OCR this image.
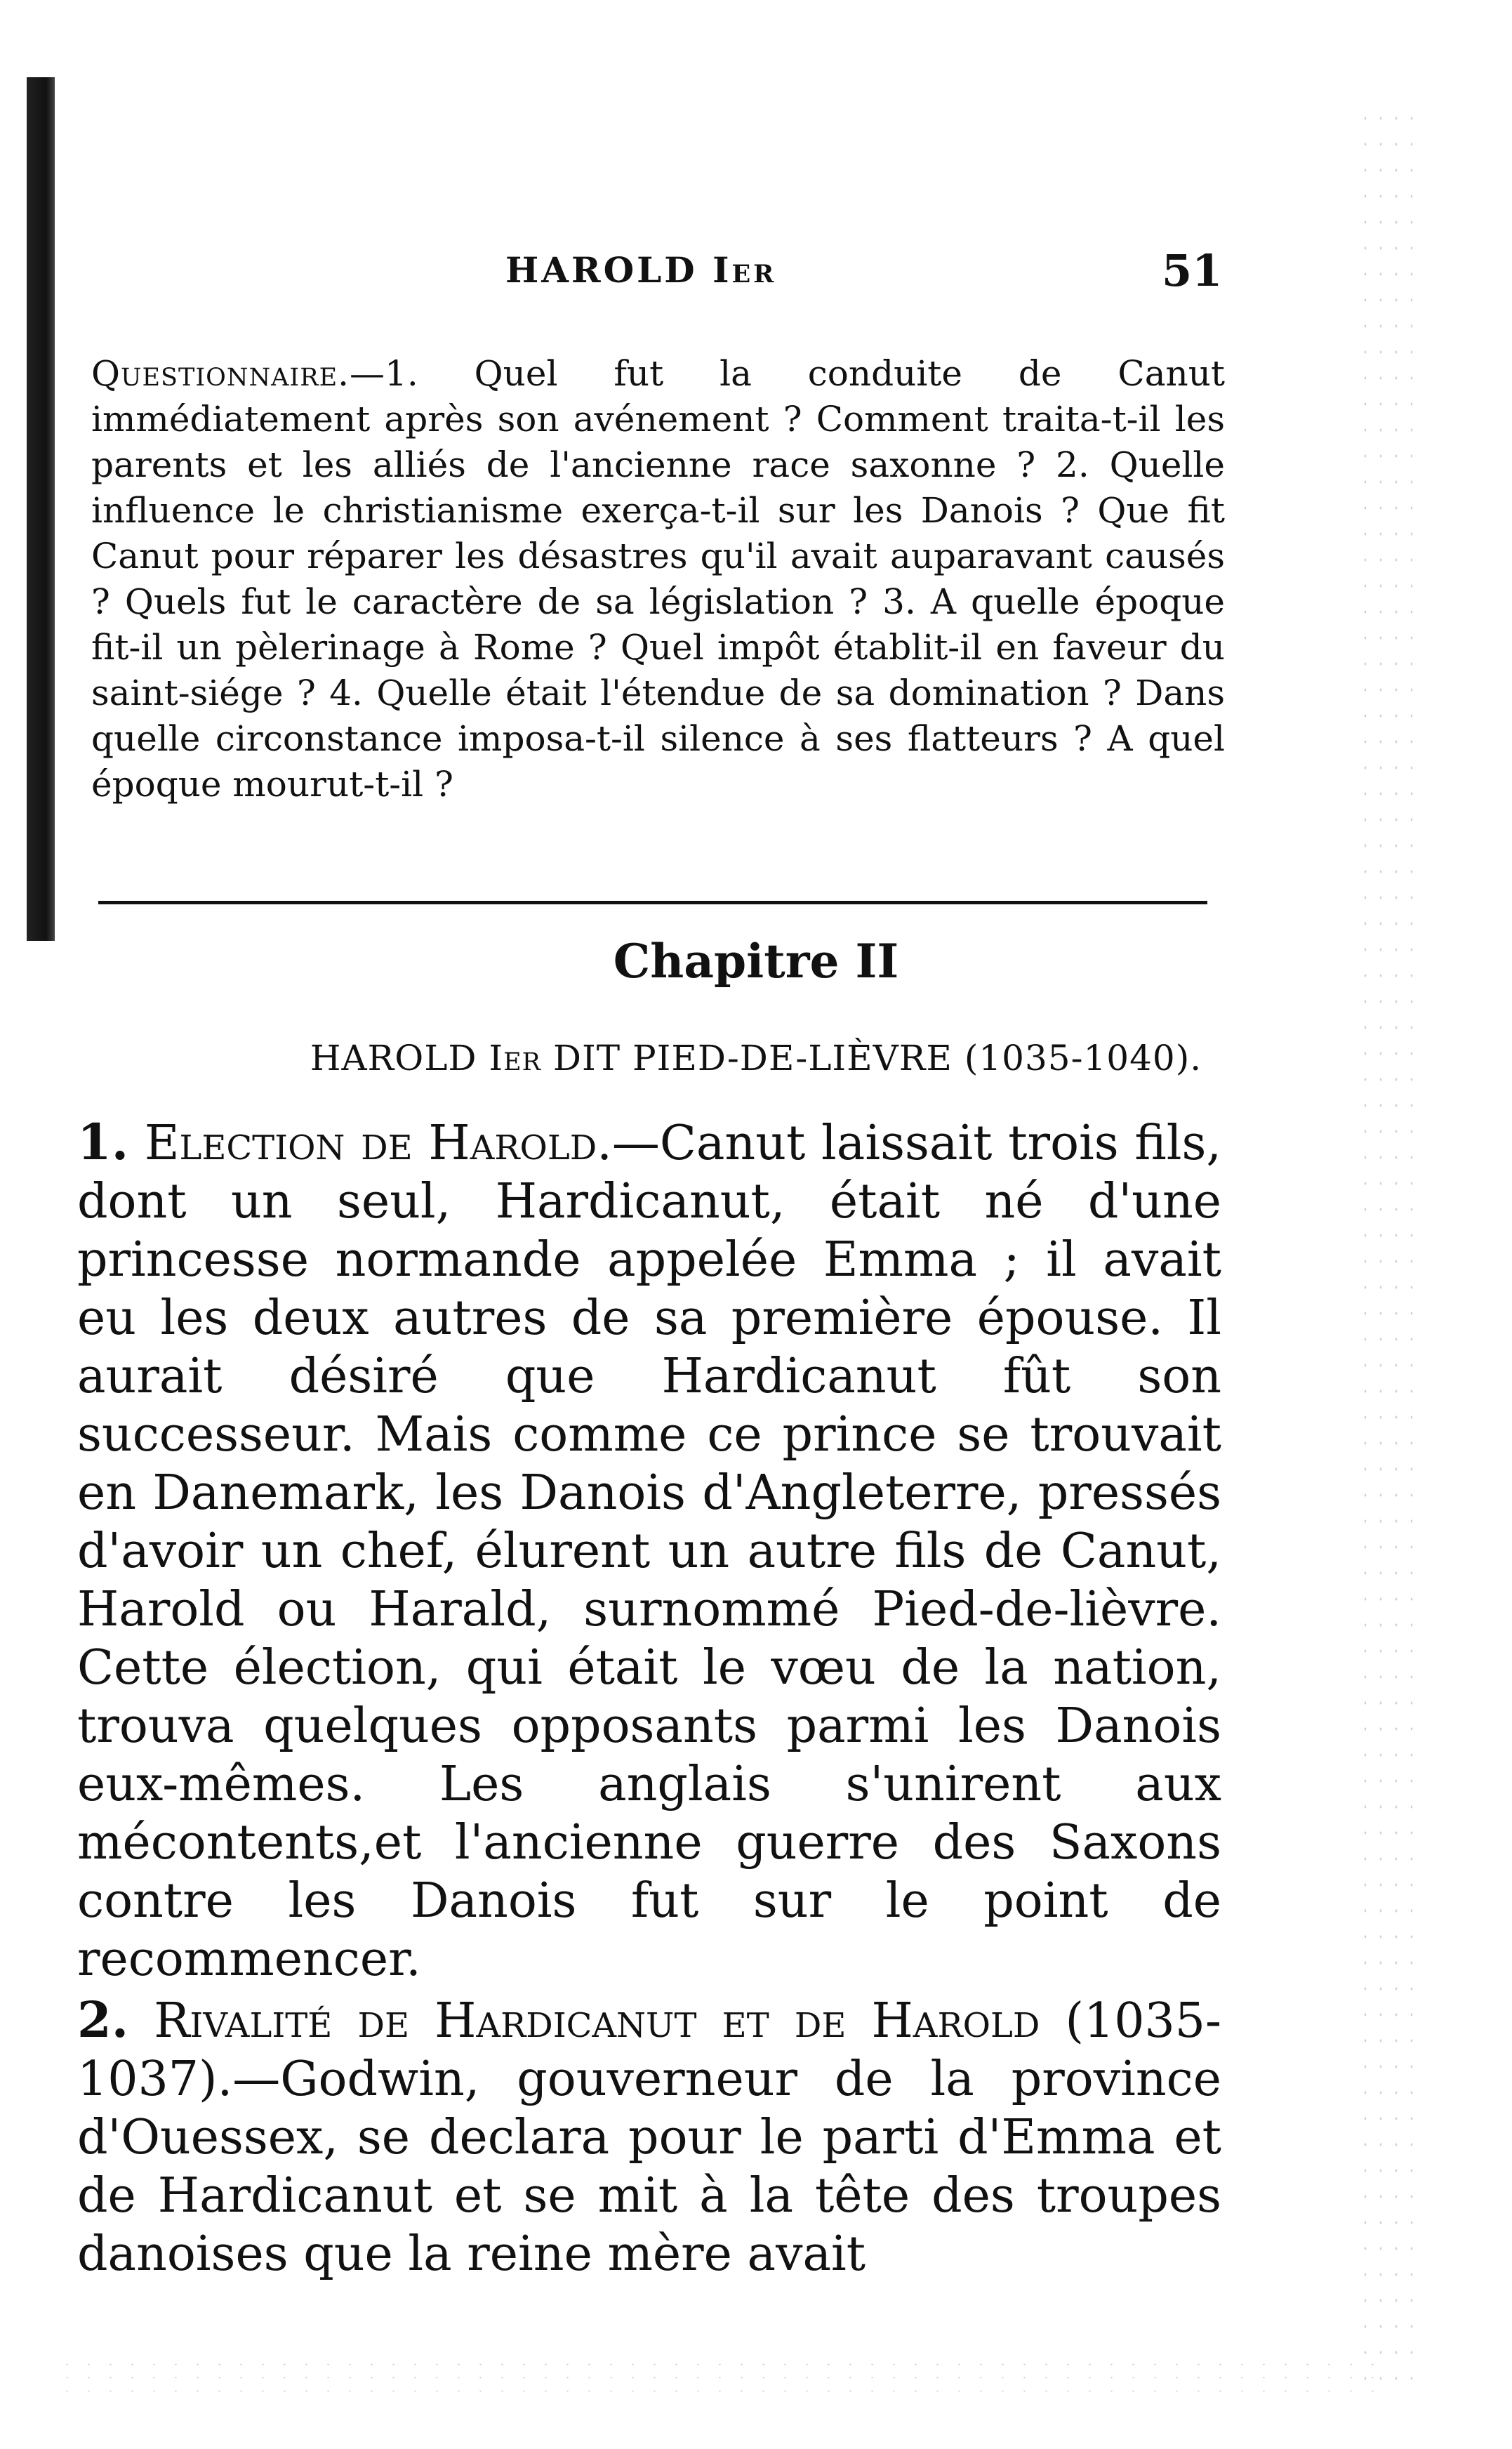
HAROLD Ier	51
Questionnaire.—1. Quel fut la conduite de Canut immédiatement après son avénement ? Comment traita-t-il les parents et les alliés de l'ancienne race saxonne ? 2. Quelle influence le christianisme exerça-t-il sur les Danois ? Que fit Canut pour réparer les désastres qu'il avait auparavant causés ? Quels fut le caractère de sa législation ? 3. A quelle époque fit-il un pèlerinage à Rome ? Quel impôt établit-il en faveur du saint-siége ? 4. Quelle était l'étendue de sa domination ? Dans quelle circonstance imposa-t-il silence à ses flatteurs ? A quel époque mourut-t-il ?
Chapitre II
HAROLD Ier DIT PIED-DE-LIÈVRE (1035-1040).
1. Election de Harold.—Canut laissait trois fils, dont un seul, Hardicanut, était né d'une princesse normande appelée Emma ; il avait eu les deux autres de sa première épouse. Il aurait désiré que Hardicanut fût son successeur. Mais comme ce prince se trouvait en Danemark, les Danois d'Angleterre, pressés d'avoir un chef, élurent un autre fils de Canut, Harold ou Harald, surnommé Pied-de-lièvre. Cette élection, qui était le vœu de la nation, trouva quelques opposants parmi les Danois eux-mêmes. Les anglais s'unirent aux mécontents,et l'ancienne guerre des Saxons contre les Danois fut sur le point de recommencer.
2. Rivalité de Hardicanut et de Harold (1035-1037).—Godwin, gouverneur de la province d'Ouessex, se declara pour le parti d'Emma et de Hardicanut et se mit à la tête des troupes danoises que la reine mère avait
